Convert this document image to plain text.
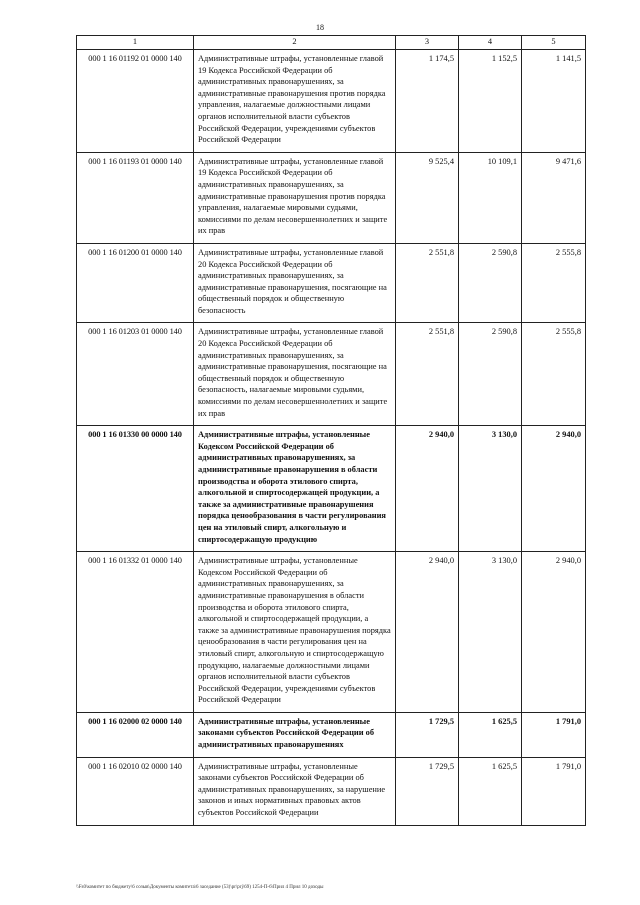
18
1	2	3	4	5
000 1 16 01192 01 0000 140	Административные штрафы, установленные главой 19 Кодекса Российской Федерации об административных правонарушениях, за административные правонарушения против порядка управления, налагаемые должностными лицами органов исполнительной власти субъектов Российской Федерации, учреждениями субъектов Российской Федерации	1 174,5	1 152,5	1 141,5
000 1 16 01193 01 0000 140	Административные штрафы, установленные главой 19 Кодекса Российской Федерации об административных правонарушениях, за административные правонарушения против порядка управления, налагаемые мировыми судьями, комиссиями по делам несовершеннолетних и защите их прав	9 525,4	10 109,1	9 471,6
000 1 16 01200 01 0000 140	Административные штрафы, установленные главой 20 Кодекса Российской Федерации об административных правонарушениях, за административные правонарушения, посягающие на общественный порядок и общественную безопасность	2 551,8	2 590,8	2 555,8
000 1 16 01203 01 0000 140	Административные штрафы, установленные главой 20 Кодекса Российской Федерации об административных правонарушениях, за административные правонарушения, посягающие на общественный порядок и общественную безопасность, налагаемые мировыми судьями, комиссиями по делам несовершеннолетних и защите их прав	2 551,8	2 590,8	2 555,8
000 1 16 01330 00 0000 140	Административные штрафы, установленные Кодексом Российской Федерации об административных правонарушениях, за административные правонарушения в области производства и оборота этилового спирта, алкогольной и спиртосодержащей продукции, а также за административные правонарушения порядка ценообразования в части регулирования цен на этиловый спирт, алкогольную и спиртосодержащую продукцию	2 940,0	3 130,0	2 940,0
000 1 16 01332 01 0000 140	Административные штрафы, установленные Кодексом Российской Федерации об административных правонарушениях, за административные правонарушения в области производства и оборота этилового спирта, алкогольной и спиртосодержащей продукции, а также за административные правонарушения порядка ценообразования в части регулирования цен на этиловый спирт, алкогольную и спиртосодержащую продукцию, налагаемые должностными лицами органов исполнительной власти субъектов Российской Федерации, учреждениями субъектов Российской Федерации	2 940,0	3 130,0	2 940,0
000 1 16 02000 02 0000 140	Административные штрафы, установленные законами субъектов Российской Федерации об административных правонарушениях	1 729,5	1 625,5	1 791,0
000 1 16 02010 02 0000 140	Административные штрафы, установленные законами субъектов Российской Федерации об административных правонарушениях, за нарушение законов и иных нормативных правовых актов субъектов Российской Федерации	1 729,5	1 625,5	1 791,0
\\Fs0\комитет по бюджету\6 созыв\Документы комитета\6 заседание (53)\pr\prj\69) 1254-П-6\Прил 4 Прил 10 доходы
